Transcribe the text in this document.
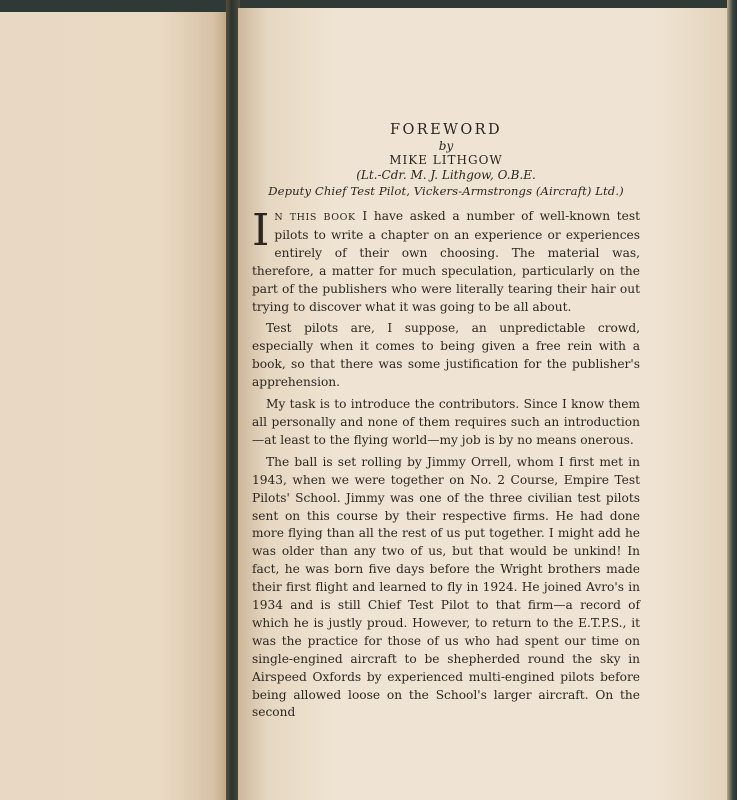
FOREWORD

by

MIKE LITHGOW

(Lt.-Cdr. M. J. Lithgow, O.B.E.

Deputy Chief Test Pilot, Vickers-Armstrongs (Aircraft) Ltd.)

IN THIS BOOK I have asked a number of well-known test pilots to write a chapter on an experience or experiences entirely of their own choosing. The material was, therefore, a matter for much speculation, particularly on the part of the publishers who were literally tearing their hair out trying to discover what it was going to be all about.

Test pilots are, I suppose, an unpredictable crowd, especially when it comes to being given a free rein with a book, so that there was some justification for the publisher's apprehension.

My task is to introduce the contributors. Since I know them all personally and none of them requires such an introduction —at least to the flying world—my job is by no means onerous.

The ball is set rolling by Jimmy Orrell, whom I first met in 1943, when we were together on No. 2 Course, Empire Test Pilots' School. Jimmy was one of the three civilian test pilots sent on this course by their respective firms. He had done more flying than all the rest of us put together. I might add he was older than any two of us, but that would be unkind! In fact, he was born five days before the Wright brothers made their first flight and learned to fly in 1924. He joined Avro's in 1934 and is still Chief Test Pilot to that firm—a record of which he is justly proud. However, to return to the E.T.P.S., it was the practice for those of us who had spent our time on single-engined aircraft to be shepherded round the sky in Airspeed Oxfords by experienced multi-engined pilots before being allowed loose on the School's larger aircraft. On the second
